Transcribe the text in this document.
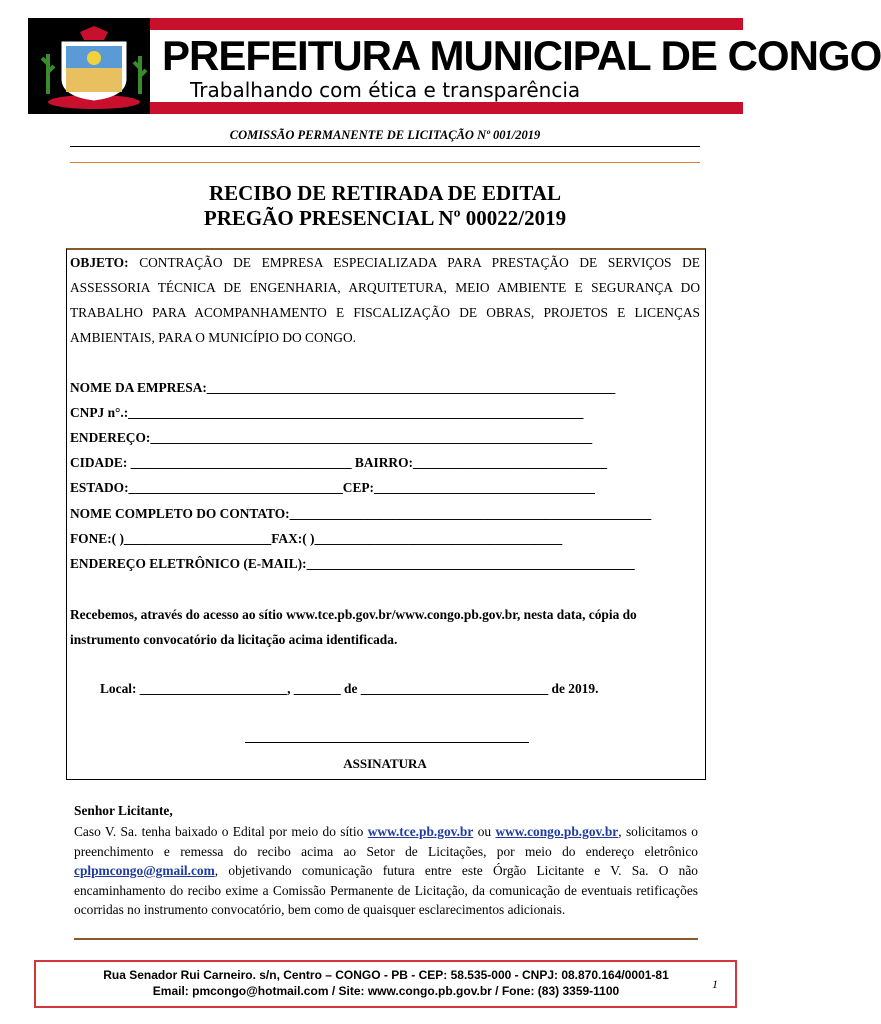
PREFEITURA MUNICIPAL DE CONGO
Trabalhando com ética e transparência
COMISSÃO PERMANENTE DE LICITAÇÃO Nº 001/2019
RECIBO DE RETIRADA DE EDITAL
PREGÃO PRESENCIAL Nº 00022/2019
OBJETO: CONTRAÇÃO DE EMPRESA ESPECIALIZADA PARA PRESTAÇÃO DE SERVIÇOS DE ASSESSORIA TÉCNICA DE ENGENHARIA, ARQUITETURA, MEIO AMBIENTE E SEGURANÇA DO TRABALHO PARA ACOMPANHAMENTO E FISCALIZAÇÃO DE OBRAS, PROJETOS E LICENÇAS AMBIENTAIS, PARA O MUNICÍPIO DO CONGO.
NOME DA EMPRESA:_____________________________________________________________
CNPJ n°.:____________________________________________________________________
ENDEREÇO:__________________________________________________________________
CIDADE: _________________________________ BAIRRO:_____________________________
ESTADO:________________________________CEP:_________________________________
NOME COMPLETO DO CONTATO:______________________________________________________
FONE:( )______________________FAX:( )_____________________________________
ENDEREÇO ELETRÔNICO (E-MAIL):_________________________________________________
Recebemos, através do acesso ao sítio www.tce.pb.gov.br/www.congo.pb.gov.br, nesta data, cópia do instrumento convocatório da licitação acima identificada.
Local: ______________________, _______ de ____________________________ de 2019.
ASSINATURA
Senhor Licitante,
Caso V. Sa. tenha baixado o Edital por meio do sítio www.tce.pb.gov.br ou www.congo.pb.gov.br, solicitamos o preenchimento e remessa do recibo acima ao Setor de Licitações, por meio do endereço eletrônico cplpmcongo@gmail.com, objetivando comunicação futura entre este Órgão Licitante e V. Sa. O não encaminhamento do recibo exime a Comissão Permanente de Licitação, da comunicação de eventuais retificações ocorridas no instrumento convocatório, bem como de quaisquer esclarecimentos adicionais.
Rua Senador Rui Carneiro. s/n, Centro – CONGO - PB - CEP: 58.535-000 - CNPJ: 08.870.164/0001-81
Email: pmcongo@hotmail.com / Site: www.congo.pb.gov.br / Fone: (83) 3359-1100	1
